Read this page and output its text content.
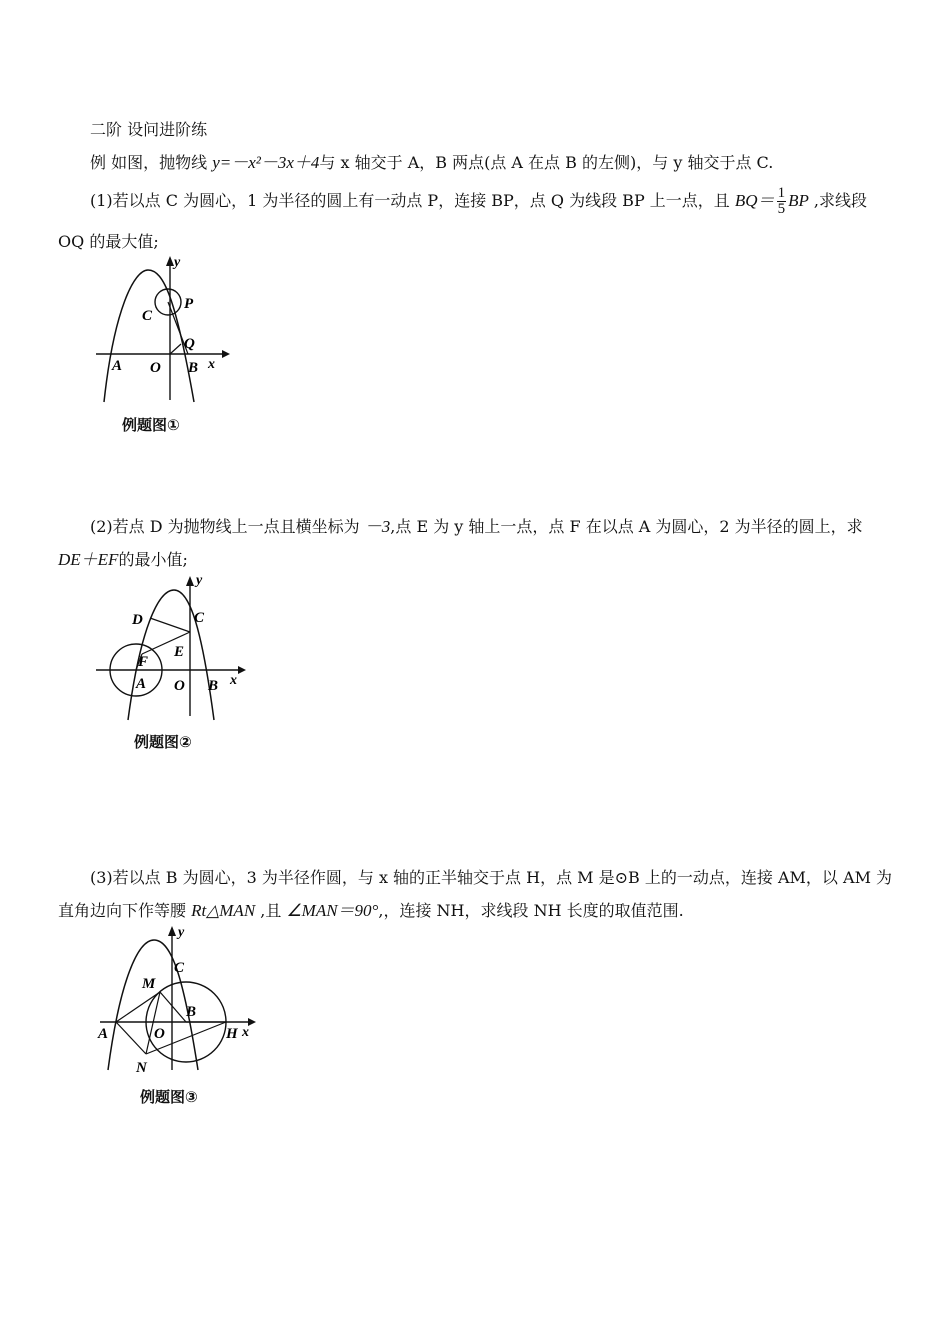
二阶 设问进阶练
例 如图，抛物线 y=－x²－3x＋4与 x 轴交于 A，B 两点(点 A 在点 B 的左侧)，与 y 轴交于点 C.
(1)若以点 C 为圆心，1 为半径的圆上有一动点 P，连接 BP，点 Q 为线段 BP 上一点，且 $BQ= \frac{1}{5}$ BP ,求线段
OQ 的最大值;
y
x
C
P
Q
A O B
例题图①
(2)若点 D 为抛物线上一点且横坐标为 －3,点 E 为 y 轴上一点，点 F 在以点 A 为圆心，2 为半径的圆上，求
DE＋EF的最小值;
y
x
D	C
E
F
A O B
例题图②
(3)若以点 B 为圆心，3 为半径作圆，与 x 轴的正半轴交于点 H，点 M 是⊙B 上的一动点，连接 AM，以 AM 为
直角边向下作等腰 Rt△MAN ,且 ∠MAN＝90°,，连接 NH，求线段 NH 长度的取值范围.
y
x
C
M
B
A	O	H
N
例题图③
